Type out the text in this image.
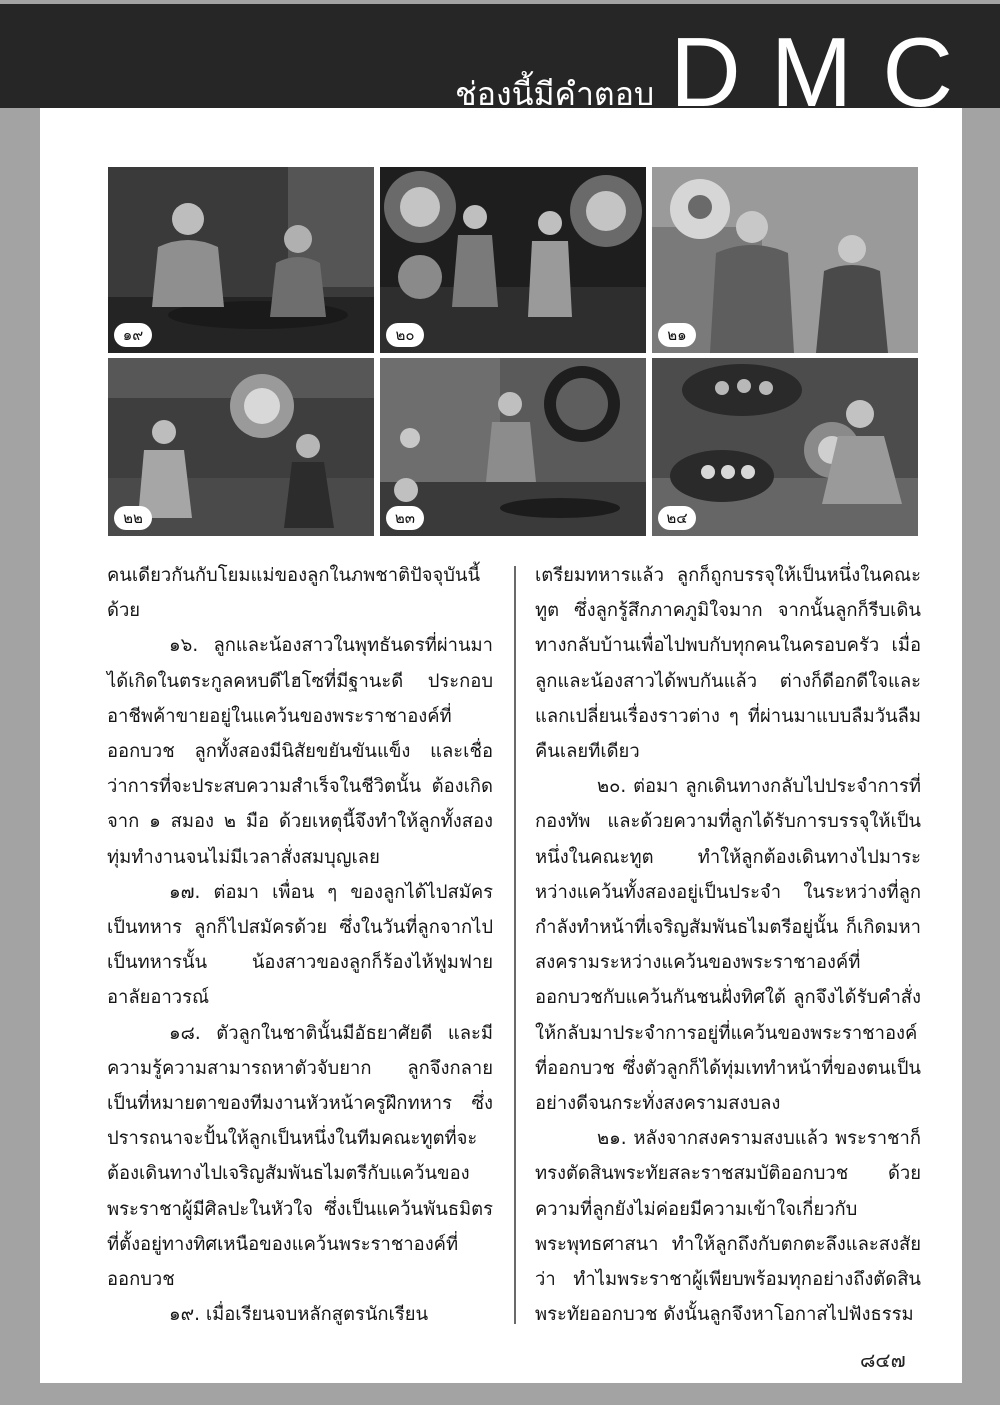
ช่องนี้มีคำตอบ DMC
๑๙	๒๐	๒๑
๒๒	๒๓	๒๔

คนเดียวกันกับโยมแม่ของลูกในภพชาติปัจจุบันนี้ด้วย

๑๖. ลูกและน้องสาวในพุทธันดรที่ผ่านมาได้เกิดในตระกูลคหบดีไฮโซที่มีฐานะดี ประกอบอาชีพค้าขายอยู่ในแคว้นของพระราชาองค์ที่ออกบวช ลูกทั้งสองมีนิสัยขยันขันแข็ง และเชื่อว่าการที่จะประสบความสำเร็จในชีวิตนั้น ต้องเกิดจาก ๑ สมอง ๒ มือ ด้วยเหตุนี้จึงทำให้ลูกทั้งสองทุ่มทำงานจนไม่มีเวลาสั่งสมบุญเลย

๑๗. ต่อมา เพื่อน ๆ ของลูกได้ไปสมัครเป็นทหาร ลูกก็ไปสมัครด้วย ซึ่งในวันที่ลูกจากไปเป็นทหารนั้น น้องสาวของลูกก็ร้องไห้ฟูมฟายอาลัยอาวรณ์

๑๘. ตัวลูกในชาตินั้นมีอัธยาศัยดี และมีความรู้ความสามารถหาตัวจับยาก ลูกจึงกลายเป็นที่หมายตาของทีมงานหัวหน้าครูฝึกทหาร ซึ่งปรารถนาจะปั้นให้ลูกเป็นหนึ่งในทีมคณะทูตที่จะต้องเดินทางไปเจริญสัมพันธไมตรีกับแคว้นของพระราชาผู้มีศิลปะในหัวใจ ซึ่งเป็นแคว้นพันธมิตรที่ตั้งอยู่ทางทิศเหนือของแคว้นพระราชาองค์ที่ออกบวช

๑๙. เมื่อเรียนจบหลักสูตรนักเรียน

เตรียมทหารแล้ว ลูกก็ถูกบรรจุให้เป็นหนึ่งในคณะทูต ซึ่งลูกรู้สึกภาคภูมิใจมาก จากนั้นลูกก็รีบเดินทางกลับบ้านเพื่อไปพบกับทุกคนในครอบครัว เมื่อลูกและน้องสาวได้พบกันแล้ว ต่างก็ดีอกดีใจและแลกเปลี่ยนเรื่องราวต่าง ๆ ที่ผ่านมาแบบลืมวันลืมคืนเลยทีเดียว

๒๐. ต่อมา ลูกเดินทางกลับไปประจำการที่กองทัพ และด้วยความที่ลูกได้รับการบรรจุให้เป็นหนึ่งในคณะทูต ทำให้ลูกต้องเดินทางไปมาระหว่างแคว้นทั้งสองอยู่เป็นประจำ ในระหว่างที่ลูกกำลังทำหน้าที่เจริญสัมพันธไมตรีอยู่นั้น ก็เกิดมหาสงครามระหว่างแคว้นของพระราชาองค์ที่ออกบวชกับแคว้นกันชนฝั่งทิศใต้ ลูกจึงได้รับคำสั่งให้กลับมาประจำการอยู่ที่แคว้นของพระราชาองค์ที่ออกบวช ซึ่งตัวลูกก็ได้ทุ่มเททำหน้าที่ของตนเป็นอย่างดีจนกระทั่งสงครามสงบลง

๒๑. หลังจากสงครามสงบแล้ว พระราชาก็ทรงตัดสินพระทัยสละราชสมบัติออกบวช ด้วยความที่ลูกยังไม่ค่อยมีความเข้าใจเกี่ยวกับพระพุทธศาสนา ทำให้ลูกถึงกับตกตะลึงและสงสัยว่า ทำไมพระราชาผู้เพียบพร้อมทุกอย่างถึงตัดสินพระทัยออกบวช ดังนั้นลูกจึงหาโอกาสไปฟังธรรม

๘๔๗
